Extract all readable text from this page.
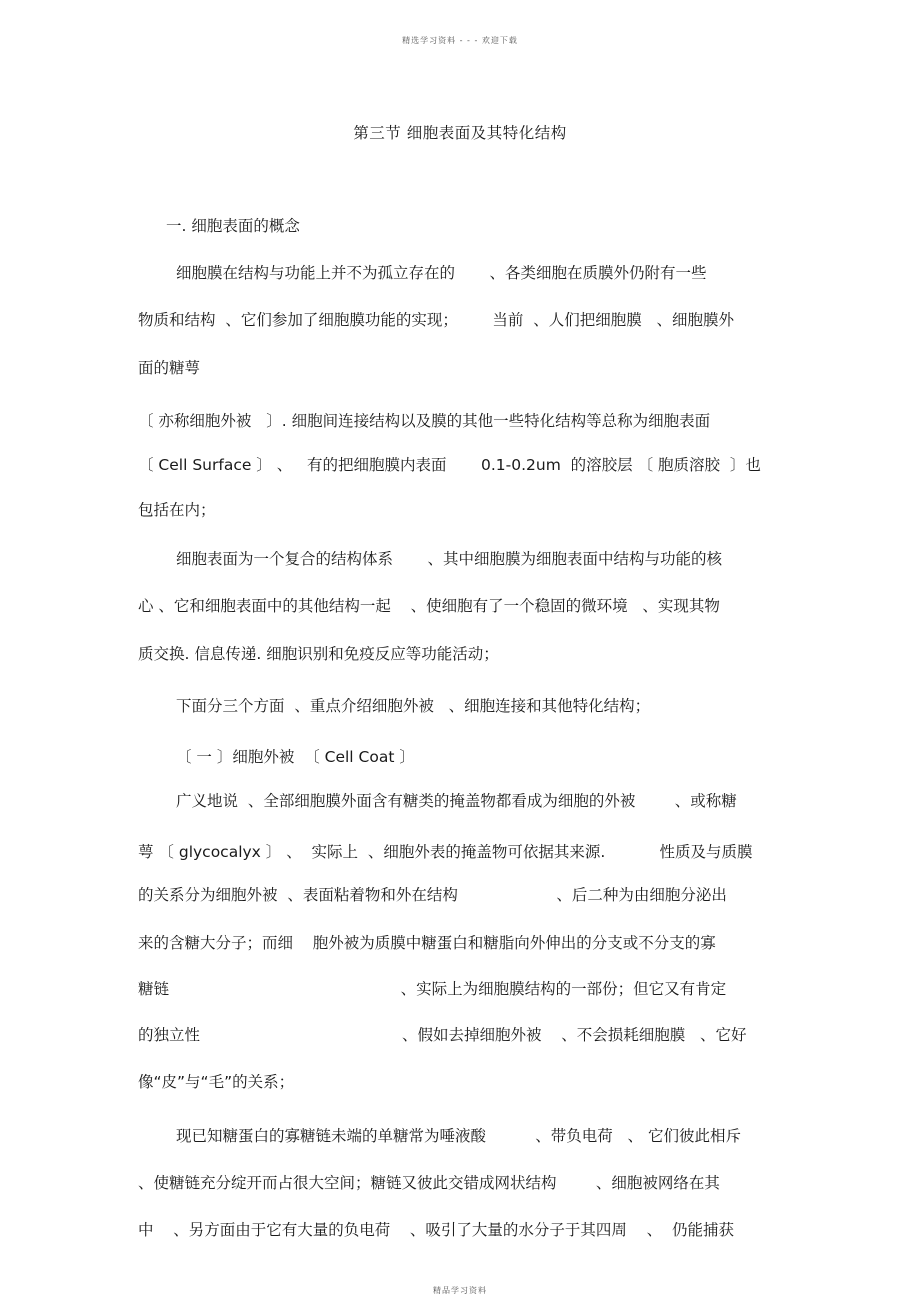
精选学习资料 - - - 欢迎下载
第三节 细胞表面及其特化结构
一. 细胞表面的概念
细胞膜在结构与功能上并不为孤立存在的       、各类细胞在质膜外仍附有一些
物质和结构  、它们参加了细胞膜功能的实现；       当前  、人们把细胞膜   、细胞膜外
面的糖萼
〔 亦称细胞外被   〕. 细胞间连接结构以及膜的其他一些特化结构等总称为细胞表面
〔 Cell Surface 〕 、   有的把细胞膜内表面       0.1-0.2um  的溶胶层 〔 胞质溶胶  〕也
包括在内；
细胞表面为一个复合的结构体系       、其中细胞膜为细胞表面中结构与功能的核
心 、它和细胞表面中的其他结构一起    、使细胞有了一个稳固的微环境   、实现其物
质交换. 信息传递. 细胞识别和免疫反应等功能活动；
下面分三个方面  、重点介绍细胞外被   、细胞连接和其他特化结构；
〔 一 〕细胞外被  〔 Cell Coat 〕
广义地说  、全部细胞膜外面含有糖类的掩盖物都看成为细胞的外被        、或称糖
萼 〔 glycocalyx 〕 、  实际上  、细胞外表的掩盖物可依据其来源.           性质及与质膜
的关系分为细胞外被  、表面粘着物和外在结构                    、后二种为由细胞分泌出
来的含糖大分子；而细    胞外被为质膜中糖蛋白和糖脂向外伸出的分支或不分支的寡
糖链                                               、实际上为细胞膜结构的一部份；但它又有肯定
的独立性                                         、假如去掉细胞外被    、不会损耗细胞膜   、它好
像“皮”与“毛”的关系；
现已知糖蛋白的寡糖链未端的单糖常为唾液酸          、带负电荷   、 它们彼此相斥
、使糖链充分绽开而占很大空间；糖链又彼此交错成网状结构        、细胞被网络在其
中    、另方面由于它有大量的负电荷    、吸引了大量的水分子于其四周    、  仍能捕获
精品学习资料
